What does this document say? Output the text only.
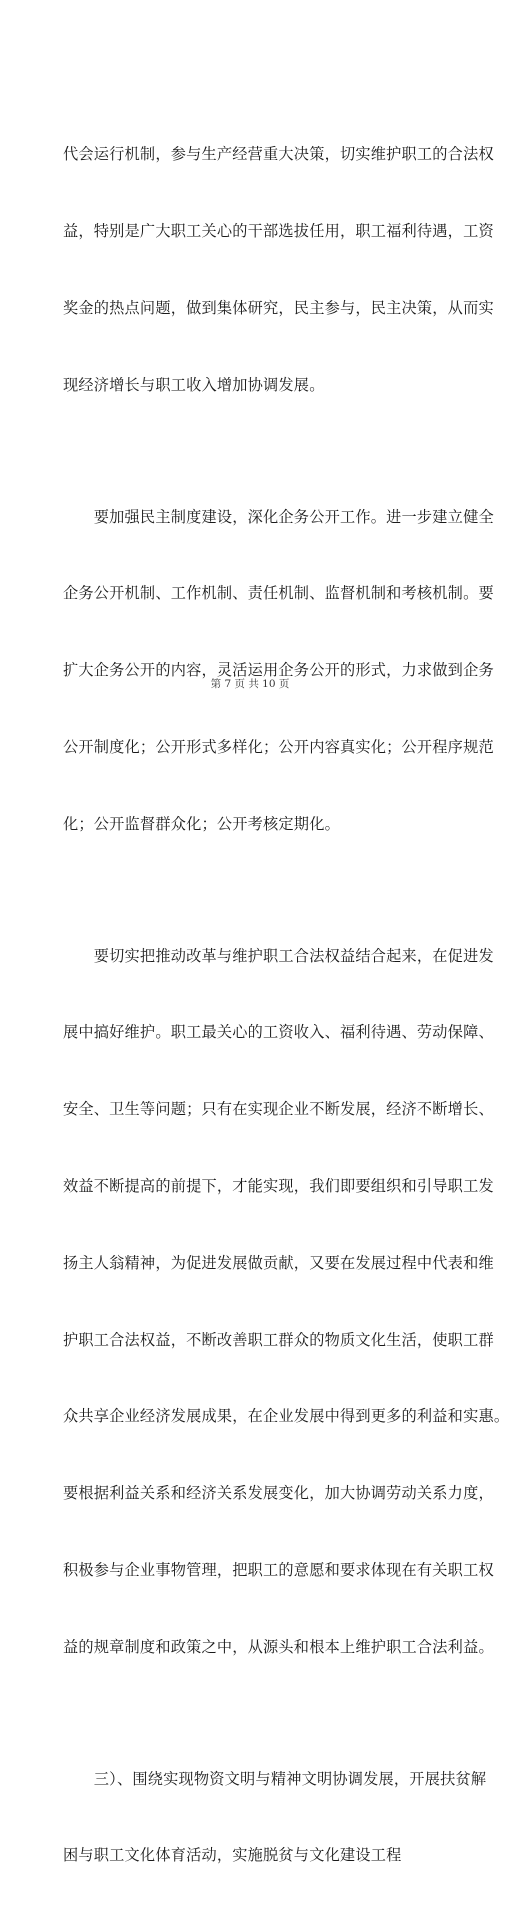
代会运行机制，参与生产经营重大决策，切实维护职工的合法权

益，特别是广大职工关心的干部选拔任用，职工福利待遇，工资

奖金的热点问题，做到集体研究，民主参与，民主决策，从而实

现经济增长与职工收入增加协调发展。

　　要加强民主制度建设，深化企务公开工作。进一步建立健全

企务公开机制、工作机制、责任机制、监督机制和考核机制。要

扩大企务公开的内容，灵活运用企务公开的形式，力求做到企务

公开制度化；公开形式多样化；公开内容真实化；公开程序规范

化；公开监督群众化；公开考核定期化。

　　要切实把推动改革与维护职工合法权益结合起来，在促进发

展中搞好维护。职工最关心的工资收入、福利待遇、劳动保障、

安全、卫生等问题；只有在实现企业不断发展，经济不断增长、

效益不断提高的前提下，才能实现，我们即要组织和引导职工发

扬主人翁精神，为促进发展做贡献，又要在发展过程中代表和维

护职工合法权益，不断改善职工群众的物质文化生活，使职工群

众共享企业经济发展成果，在企业发展中得到更多的利益和实惠。

要根据利益关系和经济关系发展变化，加大协调劳动关系力度，

积极参与企业事物管理，把职工的意愿和要求体现在有关职工权

益的规章制度和政策之中，从源头和根本上维护职工合法利益。

　　三）、围绕实现物资文明与精神文明协调发展，开展扶贫解

困与职工文化体育活动，实施脱贫与文化建设工程

第 7 页 共 10 页
